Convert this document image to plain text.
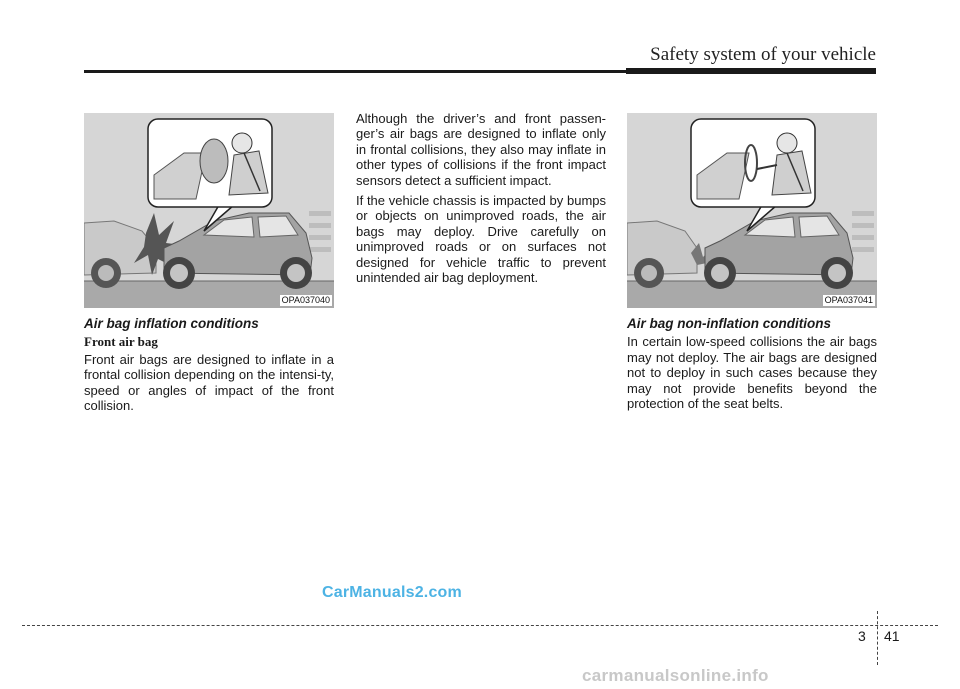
Safety system of your vehicle
OPA037040	OPA037041
Air bag inflation conditions
Front air bag

Front air bags are designed to inflate in a frontal collision depending on the intensi-ty, speed or angles of impact of the front collision.

Although the driver’s and front passen-ger’s air bags are designed to inflate only in frontal collisions, they also may inflate in other types of collisions if the front impact sensors detect a sufficient impact.

If the vehicle chassis is impacted by bumps or objects on unimproved roads, the air bags may deploy. Drive carefully on unimproved roads or on surfaces not designed for vehicle traffic to prevent unintended air bag deployment.

Air bag non-inflation conditions

In certain low-speed collisions the air bags may not deploy. The air bags are designed not to deploy in such cases because they may not provide benefits beyond the protection of the seat belts.

CarManuals2.com
3 41
carmanualsonline.info
